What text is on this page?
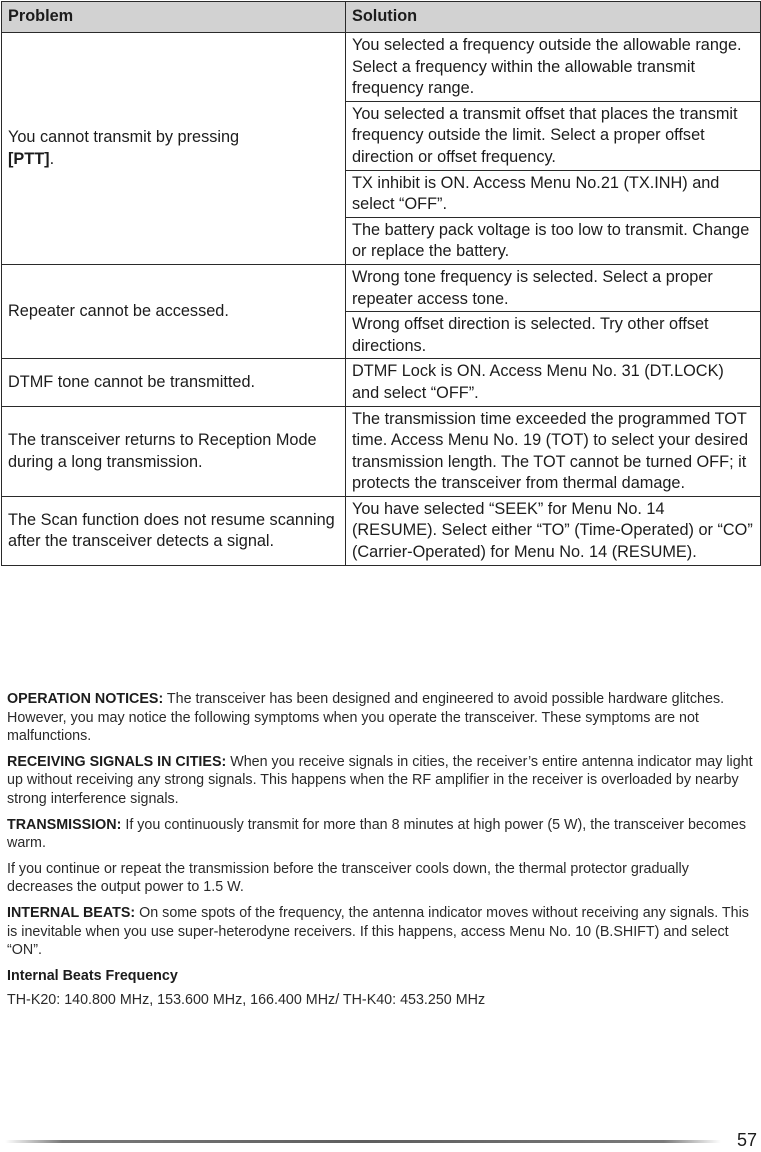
Problem	Solution
You cannot transmit by pressing
[PTT].	You selected a frequency outside the allowable range. Select a frequency within the allowable transmit frequency range.
	You selected a transmit offset that places the transmit frequency outside the limit. Select a proper offset direction or offset frequency.
	TX inhibit is ON. Access Menu No.21 (TX.INH) and select “OFF”.
	The battery pack voltage is too low to transmit. Change or replace the battery.
Repeater cannot be accessed.	Wrong tone frequency is selected. Select a proper repeater access tone.
	Wrong offset direction is selected. Try other offset directions.
DTMF tone cannot be transmitted.	DTMF Lock is ON. Access Menu No. 31 (DT.LOCK) and select “OFF”.
The transceiver returns to Reception Mode during a long transmission.	The transmission time exceeded the programmed TOT time. Access Menu No. 19 (TOT) to select your desired transmission length. The TOT cannot be turned OFF; it protects the transceiver from thermal damage.
The Scan function does not resume scanning after the transceiver detects a signal.	You have selected “SEEK” for Menu No. 14 (RESUME). Select either “TO” (Time-Operated) or “CO” (Carrier-Operated) for Menu No. 14 (RESUME).

OPERATION NOTICES: The transceiver has been designed and engineered to avoid possible hardware glitches. However, you may notice the following symptoms when you operate the transceiver. These symptoms are not malfunctions.

RECEIVING SIGNALS IN CITIES: When you receive signals in cities, the receiver’s entire antenna indicator may light up without receiving any strong signals. This happens when the RF amplifier in the receiver is overloaded by nearby strong interference signals.

TRANSMISSION: If you continuously transmit for more than 8 minutes at high power (5 W), the transceiver becomes warm.

If you continue or repeat the transmission before the transceiver cools down, the thermal protector gradually decreases the output power to 1.5 W.

INTERNAL BEATS: On some spots of the frequency, the antenna indicator moves without receiving any signals. This is inevitable when you use super-heterodyne receivers. If this happens, access Menu No. 10 (B.SHIFT) and select “ON”.

Internal Beats Frequency

TH-K20: 140.800 MHz, 153.600 MHz, 166.400 MHz/ TH-K40: 453.250 MHz

57
